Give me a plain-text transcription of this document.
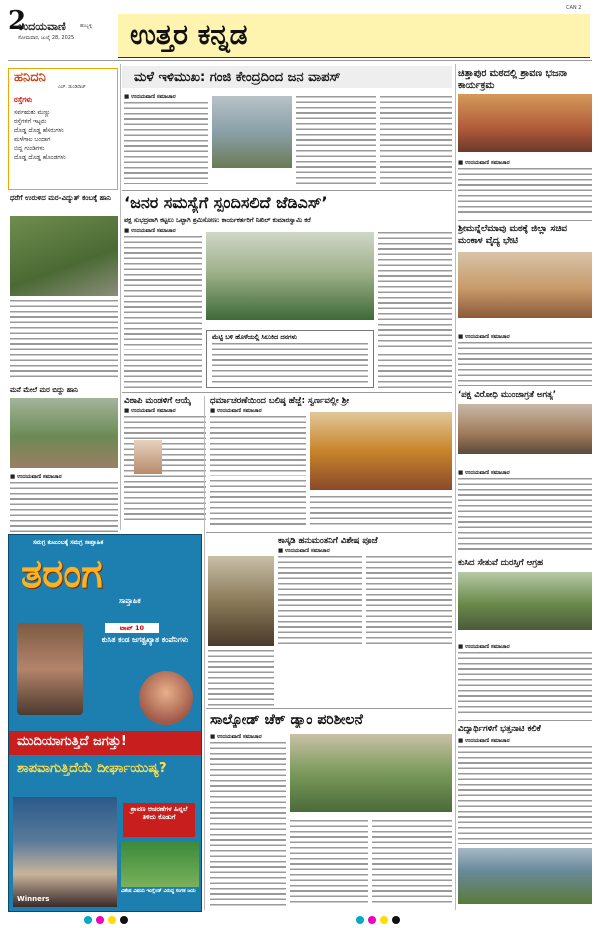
2
ಉದಯವಾಣಿ	ಹುಬ್ಬಳ್ಳಿ
ಸೋಮವಾರ, ಜುಲೈ 28, 2025 ಉತ್ತರ ಕನ್ನಡ
CAN 2
ಹನಿದನಿ
ಎಚ್‌. ಡುಂಡಿರಾಜ್‌
ರಸ್ತೆಗಳು
ಸರ್ವಋತು ಮಣ್ಣು
ರಸ್ತೆಗಳಿಗೆ ಇಟ್ಟರು
ದೊಡ್ಡ ದೊಡ್ಡ ಹೆಸರುಗಳು
ಮಳೆಗಾಲ ಬಂದಾಗ
ಬಿದ್ದ ಗುಂಡಿಗಳು
ದೊಡ್ಡ ದೊಡ್ಡ ಹೊಂಡಗಳು
ಧರೆಗೆ ಉರುಳಿದ ಮರ-ವಿದ್ಯುತ್‌ ಕಂಬಕ್ಕೆ ಹಾನಿ
ಮನೆ ಮೇಲೆ ಮರ ಬಿದ್ದು ಹಾನಿ
■ ಉದಯವಾಣಿ ಸಮಾಚಾರ
ಮಳೆ ಇಳಿಮುಖ: ಗಂಜಿ ಕೇಂದ್ರದಿಂದ ಜನ ವಾಪಸ್‌
■ ಉದಯವಾಣಿ ಸಮಾಚಾರ
ಚಿತ್ತಾಪುರ ಮಠದಲ್ಲಿ ಶ್ರಾವಣ ಭಜನಾ ಕಾರ್ಯಕ್ರಮ
■ ಉದಯವಾಣಿ ಸಮಾಚಾರ
‘ಜನರ ಸಮಸ್ಯೆಗೆ ಸ್ಪಂದಿಸಲಿದೆ ಜೆಡಿಎಸ್‌’
ಪಕ್ಷ ಸುಭದ್ರವಾಗಿ ಕಟ್ಟಲು ಒಟ್ಟಾಗಿ ಶ್ರಮಿಸೋಣ: ಕಾರ್ಯಕರ್ತರಿಗೆ ನಿಖಿಲ್‌ ಕುಮಾರಸ್ವಾಮಿ ಕರೆ
■ ಉದಯವಾಣಿ ಸಮಾಚಾರ
ಮೆಟ್ಟಿ ಬಳಿ ಹೊಳೆಯಲ್ಲಿ ಸಿಲುಕಿದ ದನಗಳು
ಶ್ರೀಮನ್ನೆಲೆಮಾವು ಮಠಕ್ಕೆ ಜಿಲ್ಲಾ ಸಚಿವ ಮಂಕಾಳ ವೈದ್ಯ ಭೇಟಿ
■ ಉದಯವಾಣಿ ಸಮಾಚಾರ
‘ಪಕ್ಷ ವಿರೋಧಿ ಮುಂಜಾಗ್ರತೆ ಅಗತ್ಯ’
■ ಉದಯವಾಣಿ ಸಮಾಚಾರ
ವಿಠಾಪಿ ಮಂಡಳಿಗೆ ಆಯ್ಕೆ
■ ಉದಯವಾಣಿ ಸಮಾಚಾರ
ಧರ್ಮಾಚರಣೆಯಿಂದ ಬಲಿಷ್ಠ ಹೆಜ್ಜೆ: ಸ್ವರ್ಣವಲ್ಲೀ ಶ್ರೀ
■ ಉದಯವಾಣಿ ಸಮಾಚಾರ
ಸಮಗ್ರ ಕುಟುಂಬಕ್ಕೆ ಸಮಗ್ರ ಸಾಪ್ತಾಹಿಕ
ತರಂಗ
ಸಾಪ್ತಾಹಿಕ
ಟಾಪ್‌ 10
ಕುಸಿತ ಕಂಡ ಜಗತ್ಪ್ರಖ್ಯಾತ ಕಂಪೆನಿಗಳು
ಮುದಿಯಾಗುತ್ತಿದೆ ಜಗತ್ತು!
ಶಾಪವಾಗುತ್ತಿದೆಯೆ ದೀರ್ಘಾಯುಷ್ಯ?
ಶ್ರಾವಣ ಆಚರಣೆಗಳ ಹಿನ್ನಲೆ ತಿಳಿದು ಕೊಡುಗೆ
ವಿಶೇಷ ವಿಷಯ ಇಂಗ್ಲೆಂಡ್‌ ವಿರುದ್ಧ ಸಂಗತ ಜಯ
Winners
ಕಾಸ್ಕಡಿ ಹನುಮಂತನಿಗೆ ವಿಶೇಷ ಪೂಜೆ
■ ಉದಯವಾಣಿ ಸಮಾಚಾರ
ಸಾಲ್ಕೋಡ್‌ ಚೆಕ್‌ ಡ್ಯಾಂ ಪರಿಶೀಲನೆ
■ ಉದಯವಾಣಿ ಸಮಾಚಾರ
ಕುಸಿದ ಸೇತುವೆ ದುರಸ್ತಿಗೆ ಆಗ್ರಹ
■ ಉದಯವಾಣಿ ಸಮಾಚಾರ
ವಿದ್ಯಾರ್ಥಿಗಳಿಗೆ ಭತ್ತನಾಟಿ ಕಲಿಕೆ
■ ಉದಯವಾಣಿ ಸಮಾಚಾರ
